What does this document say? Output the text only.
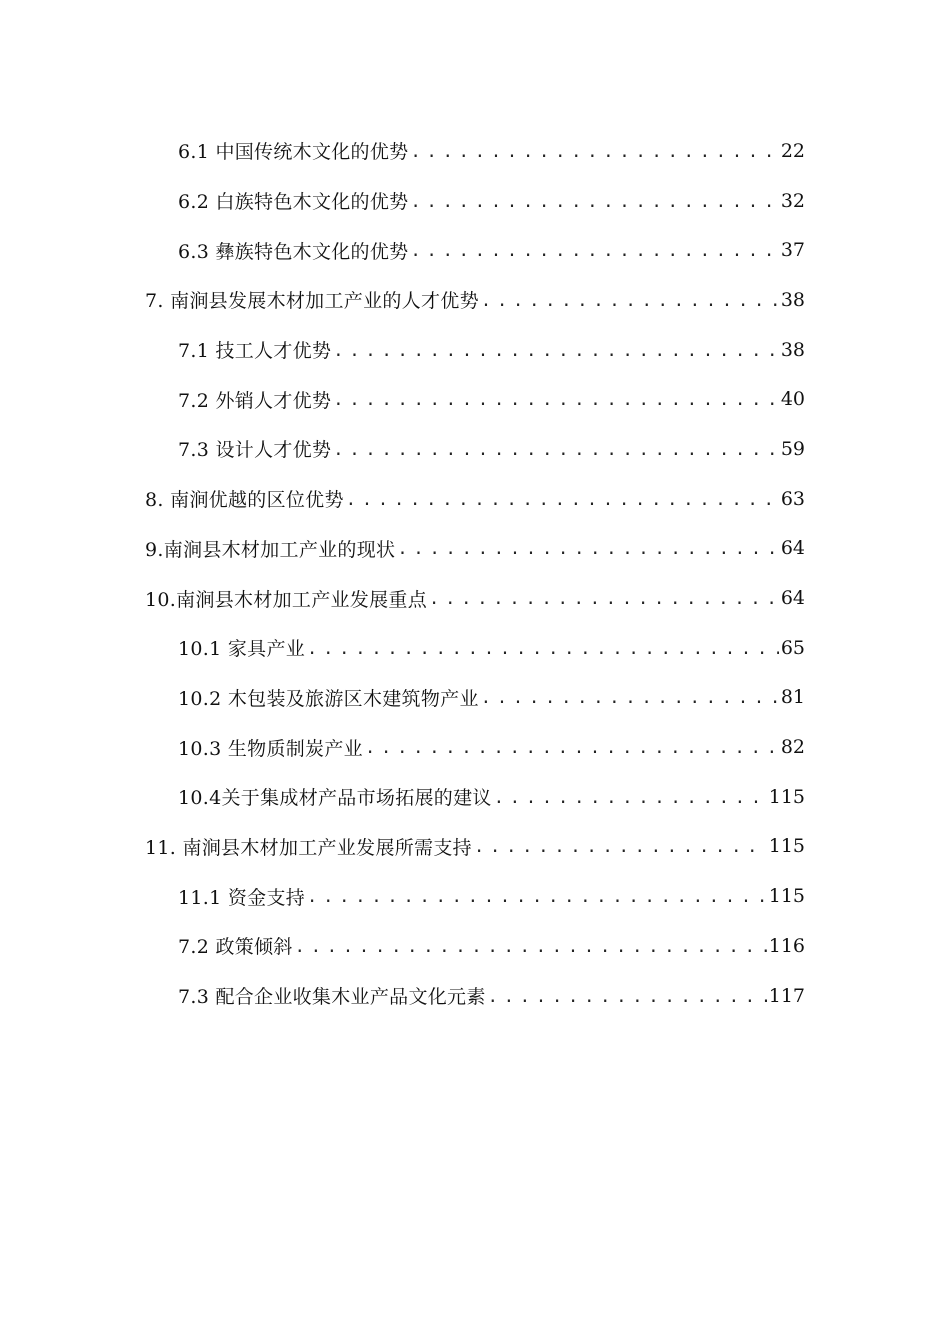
6.1 中国传统木文化的优势 . . .	22
6.2 白族特色木文化的优势 . . .	32
6.3 彝族特色木文化的优势 . . .	37
7. 南涧县发展木材加工产业的人才优势 . . .	38
7.1 技工人才优势 . . .	38
7.2 外销人才优势 . . .	40
7.3 设计人才优势 . . .	59
8. 南涧优越的区位优势 . . .	63
9.南涧县木材加工产业的现状 . . .	64
10.南涧县木材加工产业发展重点 . . .	64
10.1 家具产业 . . .	65
10.2 木包装及旅游区木建筑物产业 . . .	81
10.3 生物质制炭产业 . . .	82
10.4关于集成材产品市场拓展的建议 . . .	115
11. 南涧县木材加工产业发展所需支持 . . .	115
11.1 资金支持 . . .	115
7.2 政策倾斜 . . .	116
7.3 配合企业收集木业产品文化元素 . . .	117
